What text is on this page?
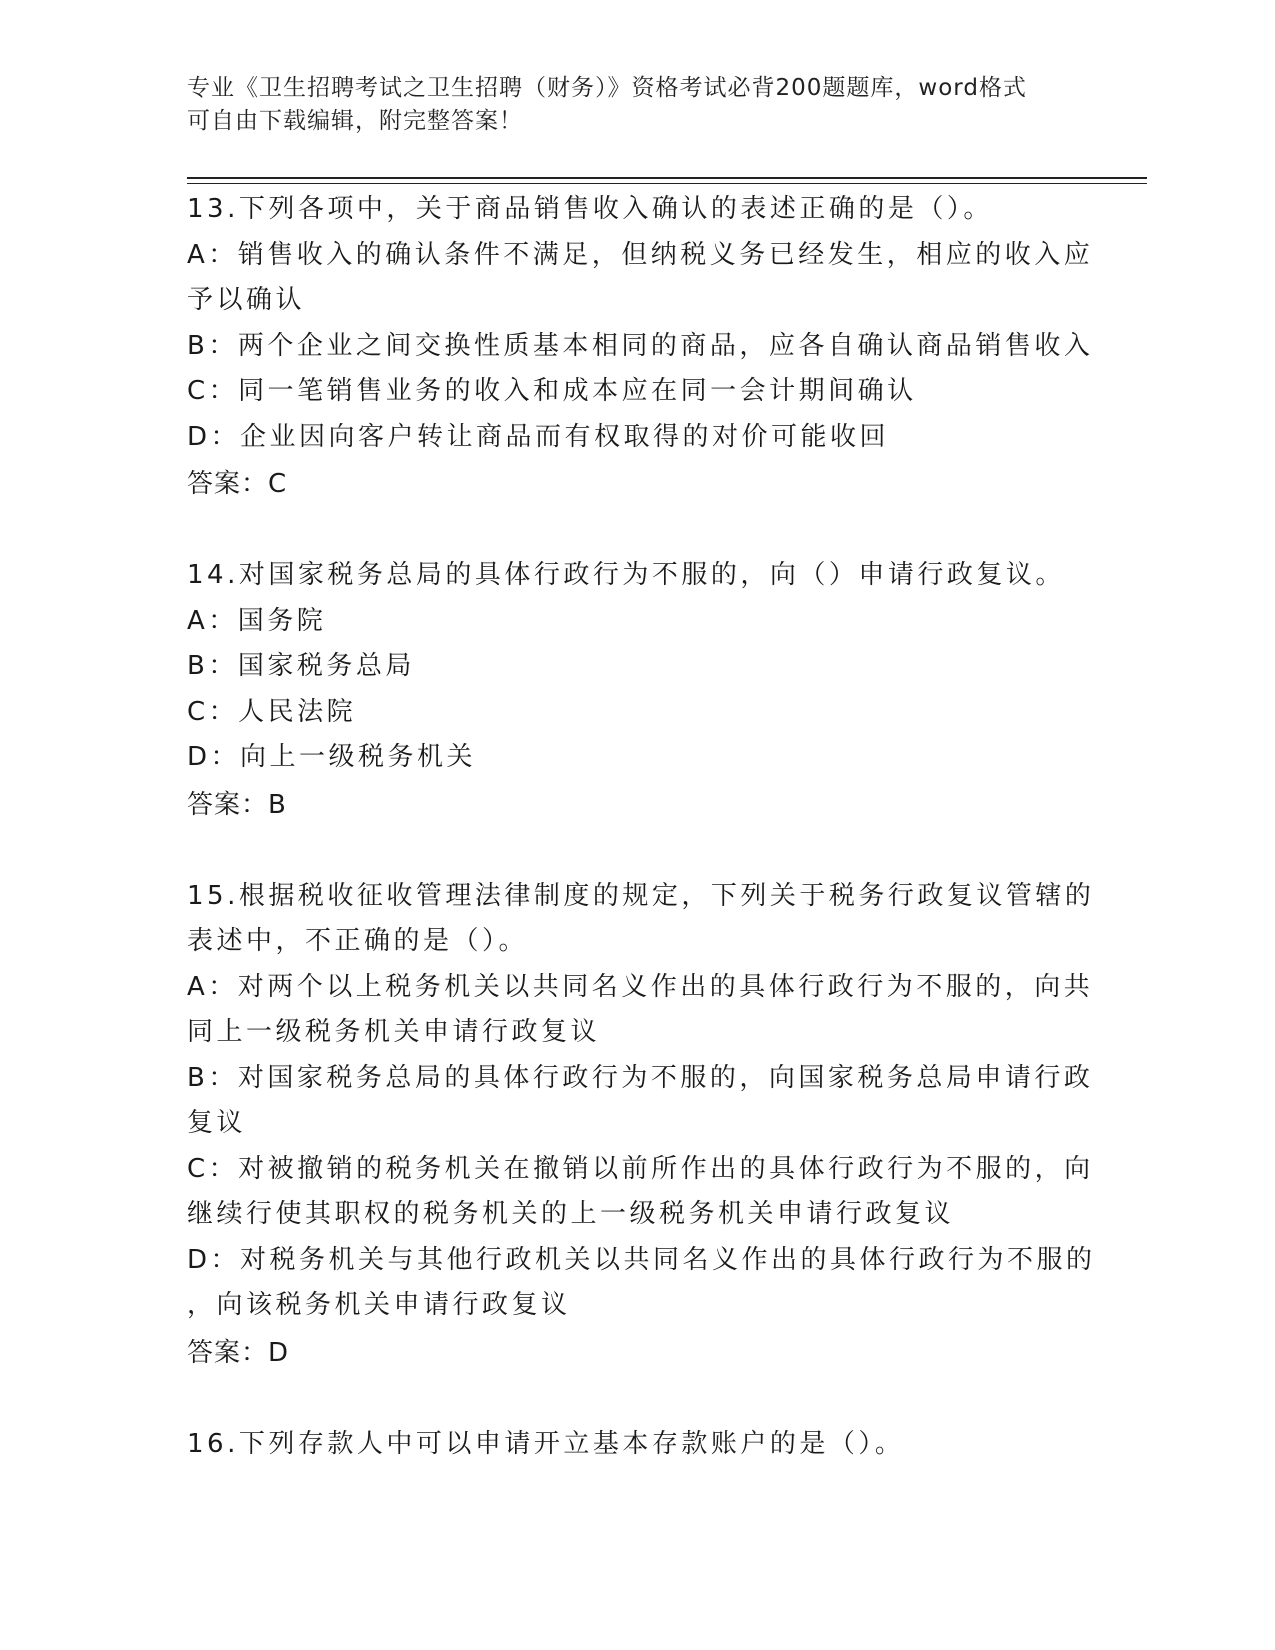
专业《卫生招聘考试之卫生招聘（财务）》资格考试必背200题题库，word格式
可自由下载编辑，附完整答案！
13.下列各项中，关于商品销售收入确认的表述正确的是（）。
A：销售收入的确认条件不满足，但纳税义务已经发生，相应的收入应
予以确认
B：两个企业之间交换性质基本相同的商品，应各自确认商品销售收入
C：同一笔销售业务的收入和成本应在同一会计期间确认
D：企业因向客户转让商品而有权取得的对价可能收回
答案：C
14.对国家税务总局的具体行政行为不服的，向（）申请行政复议。
A：国务院
B：国家税务总局
C：人民法院
D：向上一级税务机关
答案：B
15.根据税收征收管理法律制度的规定，下列关于税务行政复议管辖的
表述中，不正确的是（）。
A：对两个以上税务机关以共同名义作出的具体行政行为不服的，向共
同上一级税务机关申请行政复议
B：对国家税务总局的具体行政行为不服的，向国家税务总局申请行政
复议
C：对被撤销的税务机关在撤销以前所作出的具体行政行为不服的，向
继续行使其职权的税务机关的上一级税务机关申请行政复议
D：对税务机关与其他行政机关以共同名义作出的具体行政行为不服的
，向该税务机关申请行政复议
答案：D
16.下列存款人中可以申请开立基本存款账户的是（）。
